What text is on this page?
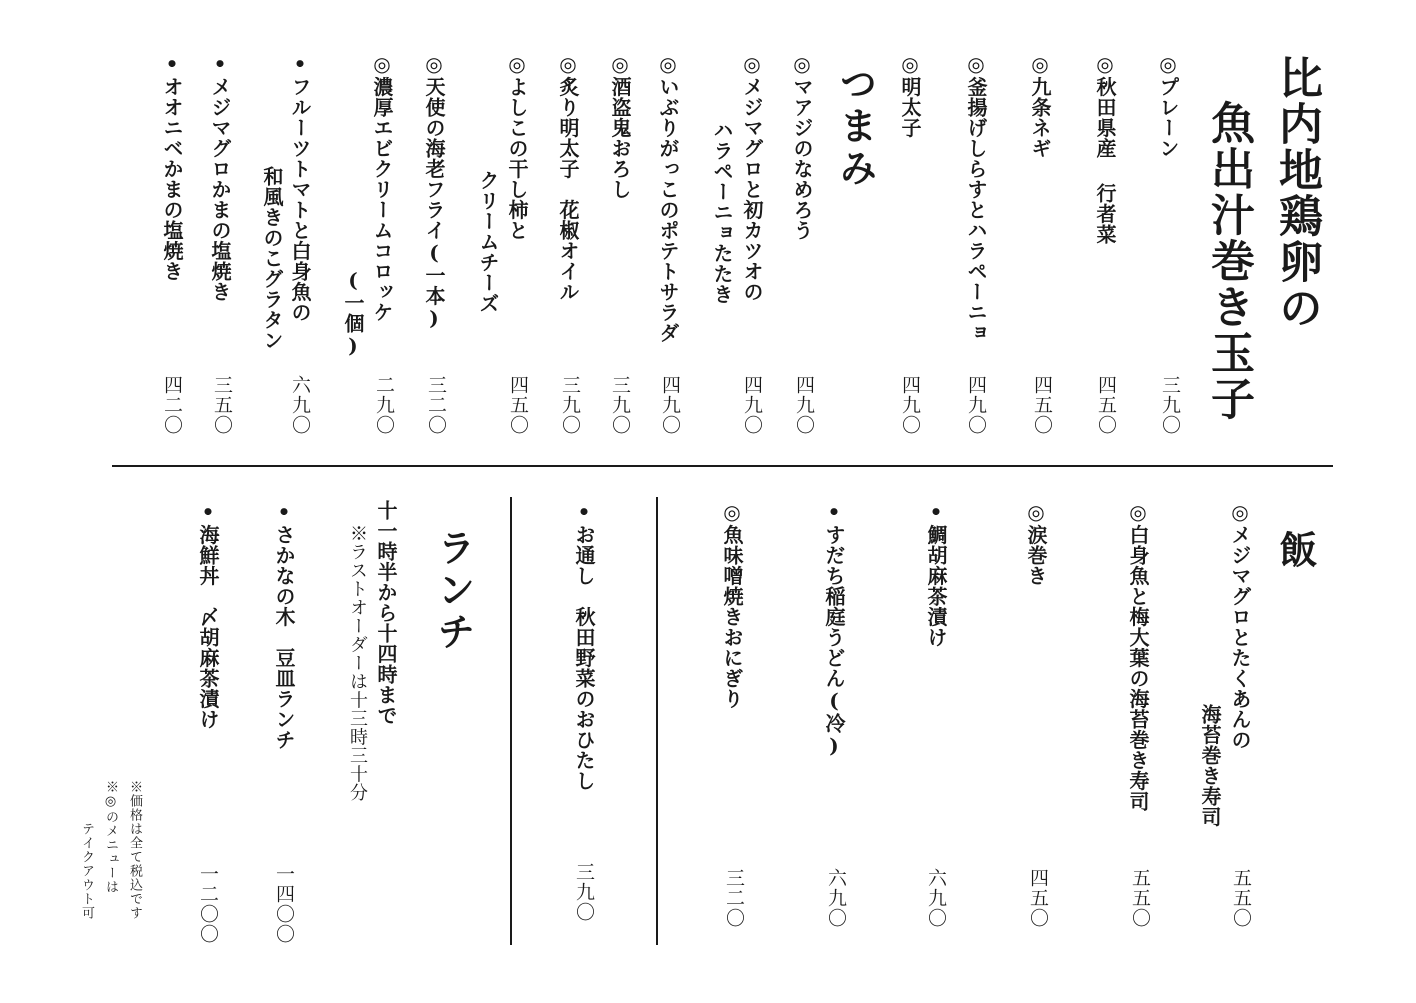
比内地鶏卵の
魚出汁巻き玉子
◎プレーン
三九〇
◎秋田県産 行者菜
四五〇
◎九条ネギ
四五〇
◎釜揚げしらすとハラペーニョ
四九〇
◎明太子
四九〇
つまみ
◎マアジのなめろう
四九〇
◎メジマグロと初カツオの
ハラペーニョたたき
四九〇
◎いぶりがっこのポテトサラダ
四九〇
◎酒盗鬼おろし
三九〇
◎炙り明太子　花椒オイル
三九〇
◎よしこの干し柿と
クリームチーズ
四五〇
◎天使の海老フライ(一本)
三二〇
◎濃厚エビクリームコロッケ
(一個)
二九〇
•フルーツトマトと白身魚の
和風きのこグラタン
六九〇
•メジマグロかまの塩焼き
三五〇
•オオニベかまの塩焼き
四二〇
飯
◎メジマグロとたくあんの
海苔巻き寿司
五五〇
◎白身魚と梅大葉の海苔巻き寿司
五五〇
◎涙巻き
四五〇
•鯛胡麻茶漬け
六九〇
•すだち稲庭うどん(冷)
六九〇
◎魚味噌焼きおにぎり
三二〇
•お通し　秋田野菜のおひたし
三九〇
ランチ
十一時半から十四時まで
※ラストオーダーは十三時三十分
•さかなの木　豆皿ランチ
一四〇〇
•海鮮丼　〆胡麻茶漬け
一二〇〇
※価格は全て税込です
※◎のメニューは
テイクアウト可
